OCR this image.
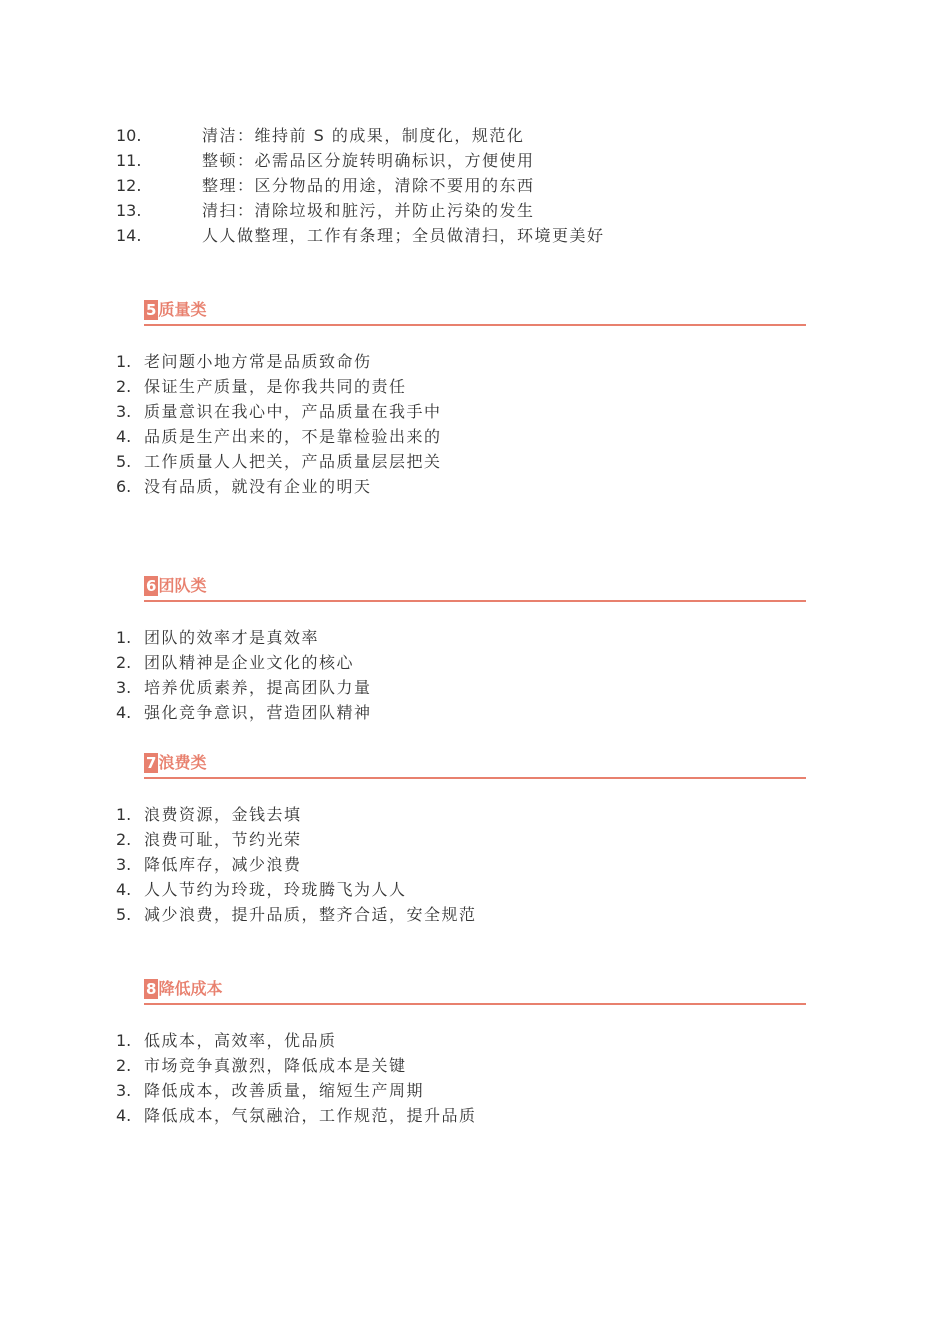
10.	清洁：维持前 S 的成果，制度化，规范化
11.	整顿：必需品区分旋转明确标识，方便使用
12.	整理：区分物品的用途，清除不要用的东西
13.	清扫：清除垃圾和脏污，并防止污染的发生
14.	人人做整理，工作有条理；全员做清扫，环境更美好
5 质量类
1. 老问题小地方常是品质致命伤
2. 保证生产质量，是你我共同的责任
3. 质量意识在我心中，产品质量在我手中
4. 品质是生产出来的，不是靠检验出来的
5. 工作质量人人把关，产品质量层层把关
6. 没有品质，就没有企业的明天
6 团队类
1. 团队的效率才是真效率
2. 团队精神是企业文化的核心
3. 培养优质素养，提高团队力量
4. 强化竞争意识，营造团队精神
7 浪费类
1. 浪费资源，金钱去填
2. 浪费可耻，节约光荣
3. 降低库存，减少浪费
4. 人人节约为玲珑，玲珑腾飞为人人
5. 减少浪费，提升品质，整齐合适，安全规范
8 降低成本
1. 低成本，高效率，优品质
2. 市场竞争真激烈，降低成本是关键
3. 降低成本，改善质量，缩短生产周期
4. 降低成本，气氛融洽，工作规范，提升品质
